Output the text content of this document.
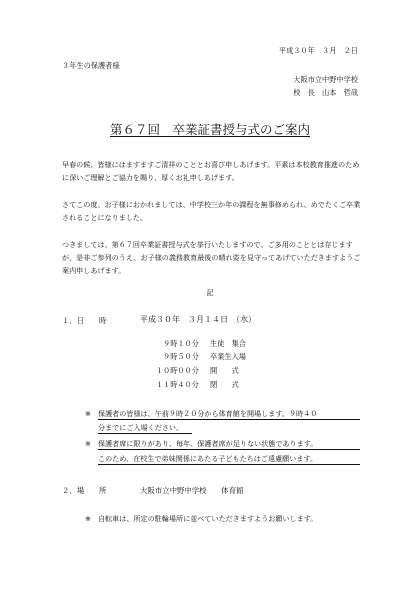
平成３０年　３月　２日
３年生の保護者様
大阪市立中野中学校
校　長　山本　哲哉
第６７回　卒業証書授与式のご案内
早春の候、皆様にはますますご清祥のこととお喜び申しあげます。平素は本校教育推進のために深いご理解とご協力を賜り、厚くお礼申しあげます。
さてこの度、お子様におかれましては、中学校三か年の課程を無事修められ、めでたくご卒業されることになりました。
つきましては、第６７回卒業証書授与式を挙行いたしますので、ご多用のこととは存じますが、是非ご参列のうえ、お子様の義務教育最後の晴れ姿を見守ってあげていただきますようご案内申しあげます。
記
１．日　　時	平成３０年　３月１４日　（水）
９時１０分 生徒　集合
９時５０分 卒業生入場
１０時００分 開　　式
１１時４０分 閉　　式
※ 保護者の皆様は、午前９時２０分から体育館を開場します。９時４０
分までにご入場ください。
※ 保護者席に限りがあり、毎年、保護者席が足りない状態であります。
このため、在校生で弟妹関係にあたる子どもたちはご遠慮願います。
２．場　　所	大阪市立中野中学校　　体育館
※ 自転車は、所定の駐輪場所に並べていただきますようお願いします。
